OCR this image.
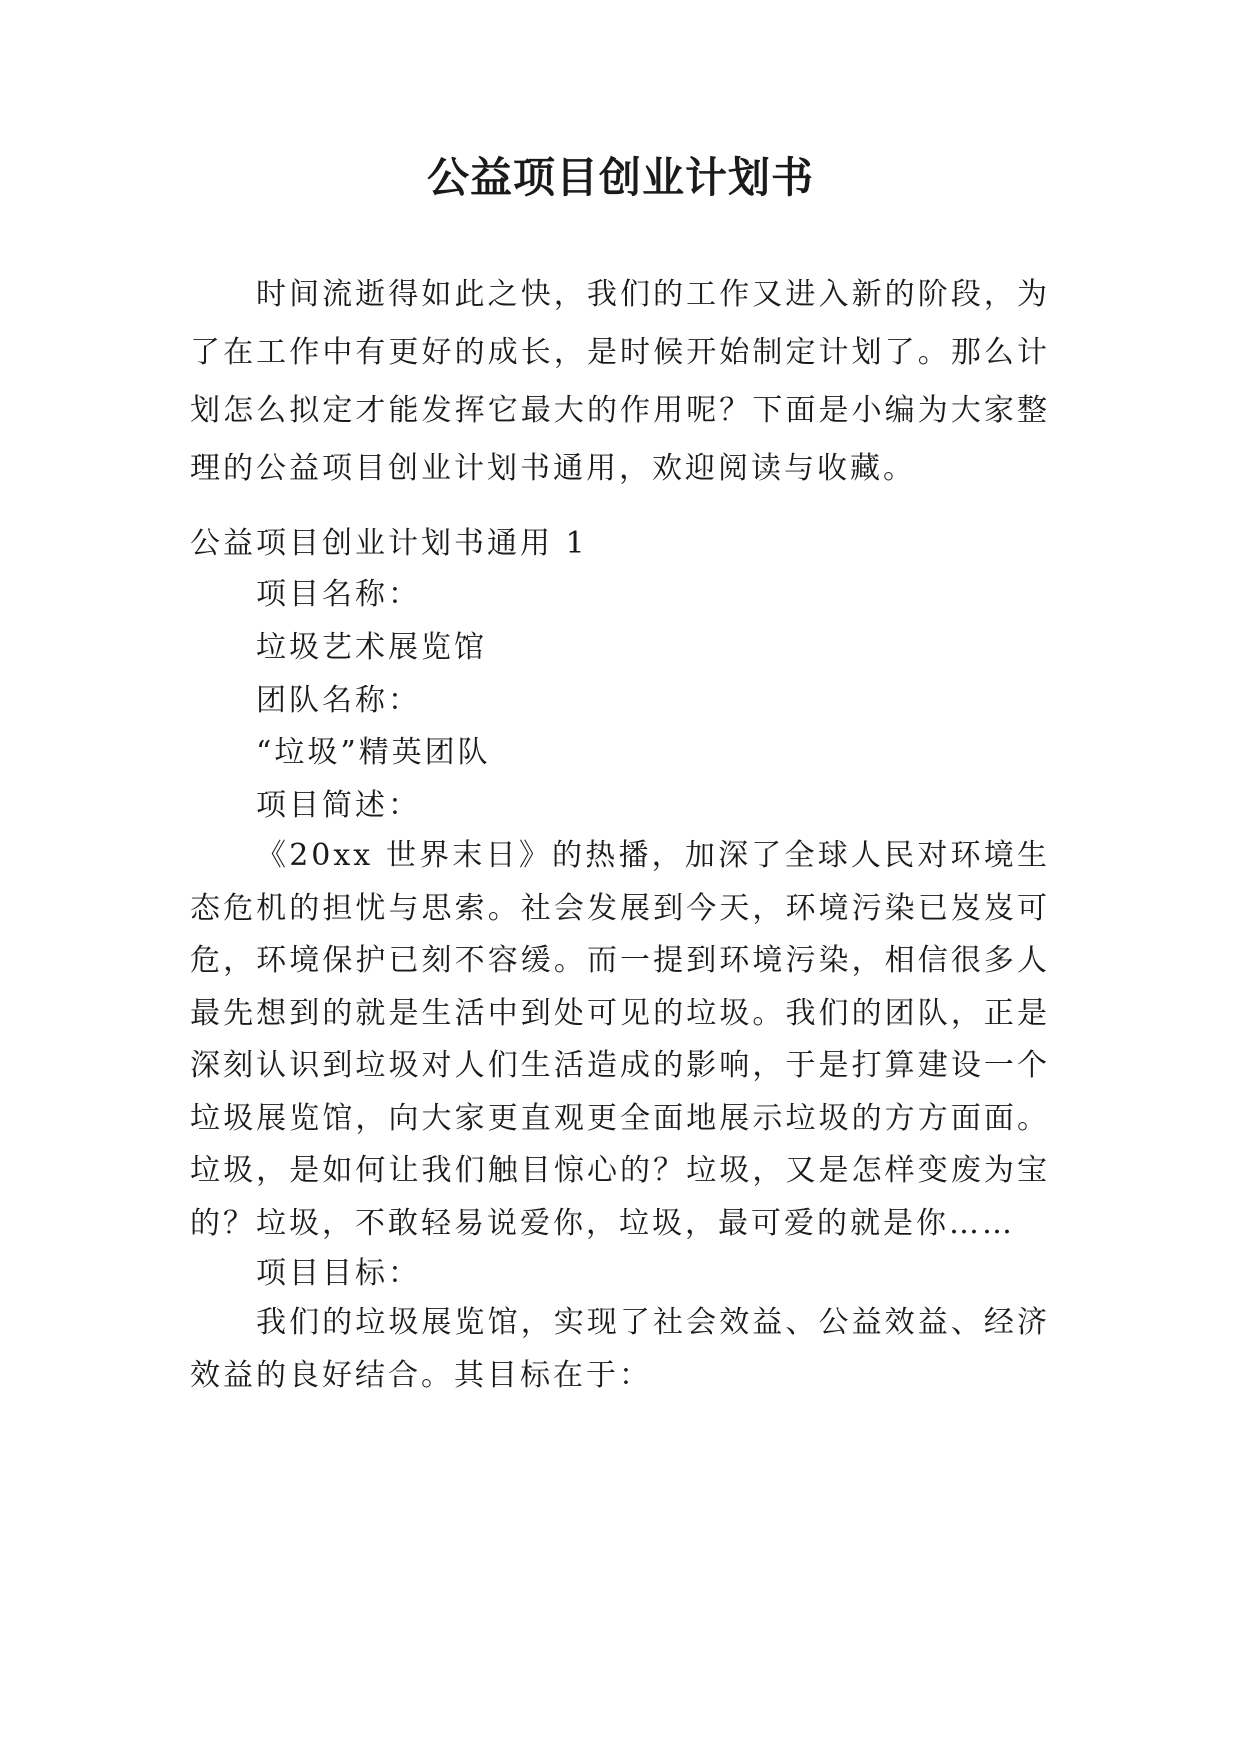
公益项目创业计划书

时间流逝得如此之快，我们的工作又进入新的阶段，为了在工作中有更好的成长，是时候开始制定计划了。那么计划怎么拟定才能发挥它最大的作用呢？下面是小编为大家整理的公益项目创业计划书通用，欢迎阅读与收藏。

公益项目创业计划书通用 1

项目名称：

垃圾艺术展览馆

团队名称：

“垃圾”精英团队

项目简述：

《20xx 世界末日》的热播，加深了全球人民对环境生态危机的担忧与思索。社会发展到今天，环境污染已岌岌可危，环境保护已刻不容缓。而一提到环境污染，相信很多人最先想到的就是生活中到处可见的垃圾。我们的团队，正是深刻认识到垃圾对人们生活造成的影响，于是打算建设一个垃圾展览馆，向大家更直观更全面地展示垃圾的方方面面。垃圾，是如何让我们触目惊心的？垃圾，又是怎样变废为宝的？垃圾，不敢轻易说爱你，垃圾，最可爱的就是你……

项目目标：

我们的垃圾展览馆，实现了社会效益、公益效益、经济效益的良好结合。其目标在于：
